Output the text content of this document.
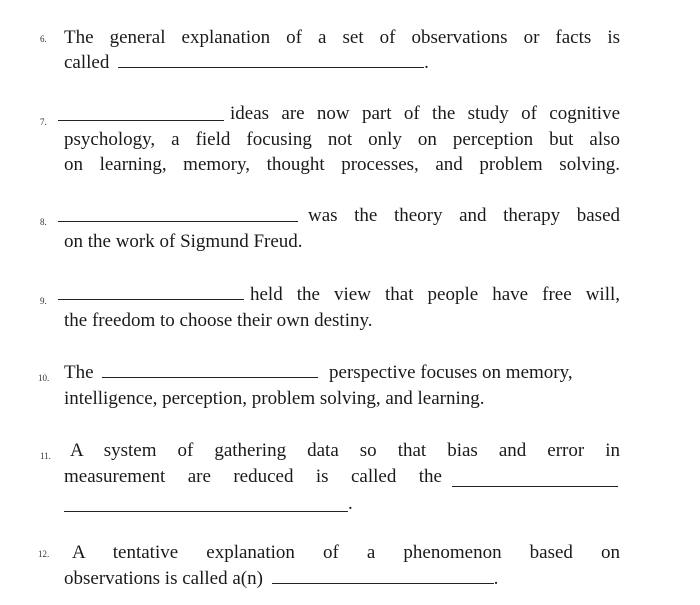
6. The general explanation of a set of observations or facts is
called	.
7.	ideas are now part of the study of cognitive
psychology, a field focusing not only on perception but also
on learning, memory, thought processes, and problem solving.
8.	was the theory and therapy based
on the work of Sigmund Freud.
9.	held the view that people have free will,
the freedom to choose their own destiny.
10. The	perspective focuses on memory,
intelligence, perception, problem solving, and learning.
11. A system of gathering data so that bias and error in
measurement are reduced is called the
.
12. A tentative explanation of a phenomenon based on
observations is called a(n)	.
